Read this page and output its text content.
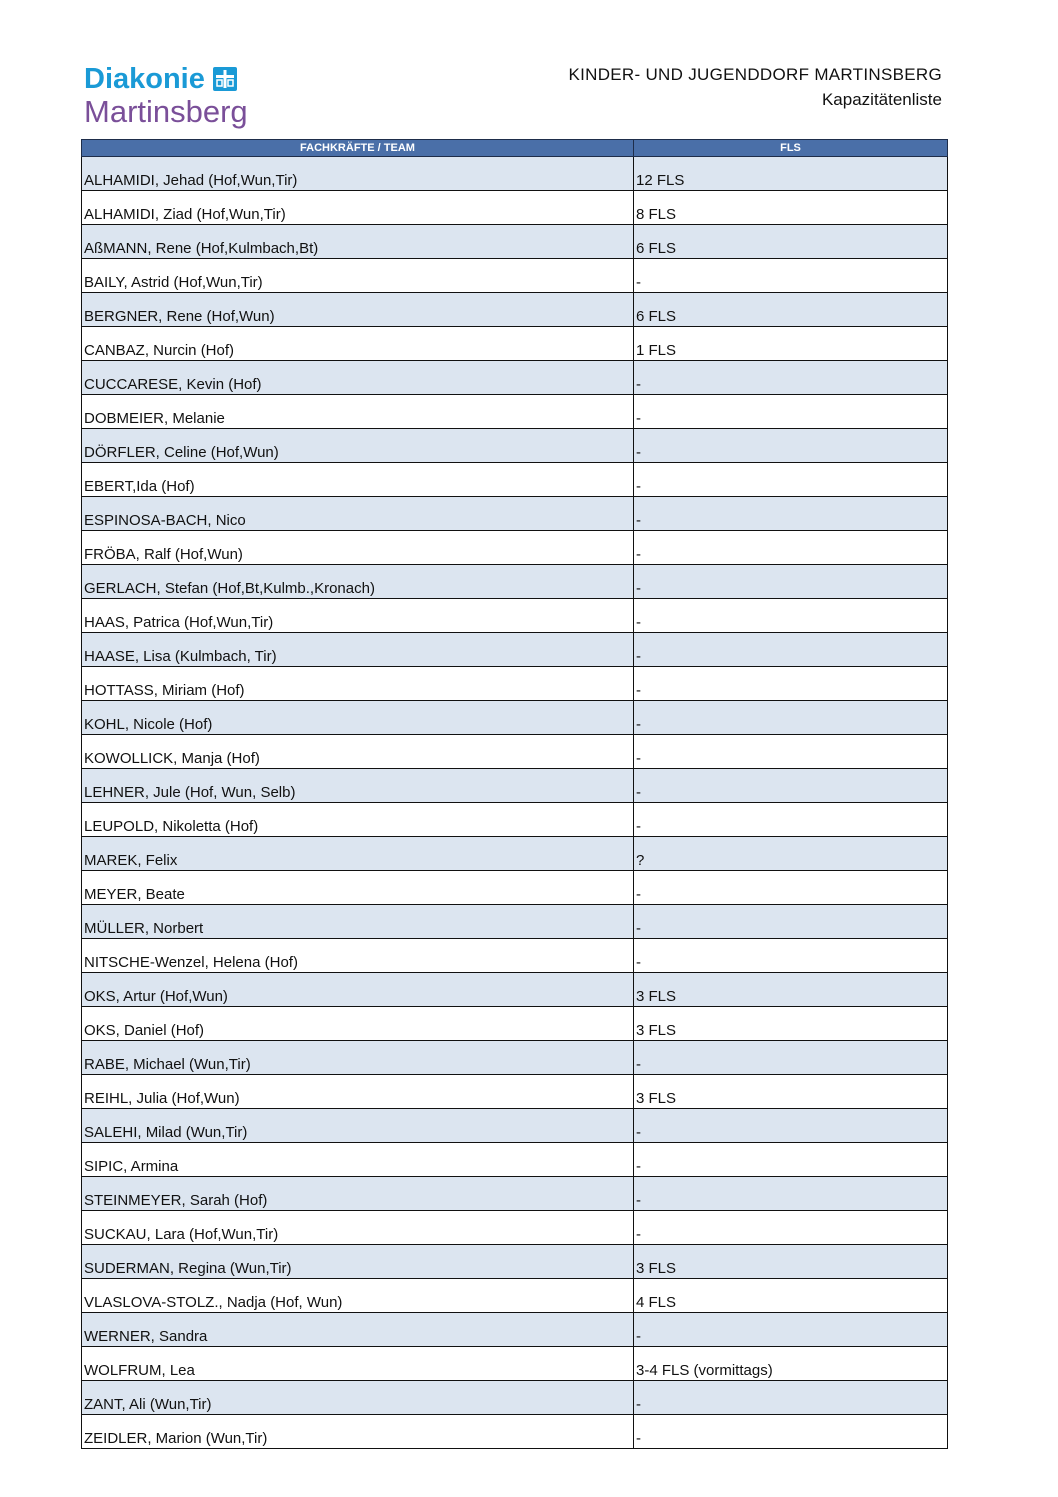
Diakonie
Martinsberg
KINDER- UND JUGENDDORF MARTINSBERG
Kapazitätenliste
FACHKRÄFTE / TEAM	FLS
ALHAMIDI, Jehad (Hof,Wun,Tir)	12 FLS
ALHAMIDI, Ziad (Hof,Wun,Tir)	8 FLS
AßMANN, Rene (Hof,Kulmbach,Bt)	6 FLS
BAILY, Astrid (Hof,Wun,Tir)	-
BERGNER, Rene (Hof,Wun)	6 FLS
CANBAZ, Nurcin (Hof)	1 FLS
CUCCARESE, Kevin (Hof)	-
DOBMEIER, Melanie	-
DÖRFLER, Celine (Hof,Wun)	-
EBERT,Ida (Hof)	-
ESPINOSA-BACH, Nico	-
FRÖBA, Ralf (Hof,Wun)	-
GERLACH, Stefan (Hof,Bt,Kulmb.,Kronach)	-
HAAS, Patrica (Hof,Wun,Tir)	-
HAASE, Lisa (Kulmbach, Tir)	-
HOTTASS, Miriam (Hof)	-
KOHL, Nicole (Hof)	-
KOWOLLICK, Manja (Hof)	-
LEHNER, Jule (Hof, Wun, Selb)	-
LEUPOLD, Nikoletta (Hof)	-
MAREK, Felix	?
MEYER, Beate	-
MÜLLER, Norbert	-
NITSCHE-Wenzel, Helena (Hof)	-
OKS, Artur (Hof,Wun)	3 FLS
OKS, Daniel (Hof)	3 FLS
RABE, Michael (Wun,Tir)	-
REIHL, Julia (Hof,Wun)	3 FLS
SALEHI, Milad (Wun,Tir)	-
SIPIC, Armina	-
STEINMEYER, Sarah (Hof)	-
SUCKAU, Lara (Hof,Wun,Tir)	-
SUDERMAN, Regina (Wun,Tir)	3 FLS
VLASLOVA-STOLZ., Nadja (Hof, Wun)	4 FLS
WERNER, Sandra	-
WOLFRUM, Lea	3-4 FLS (vormittags)
ZANT, Ali (Wun,Tir)	-
ZEIDLER, Marion (Wun,Tir)	-
